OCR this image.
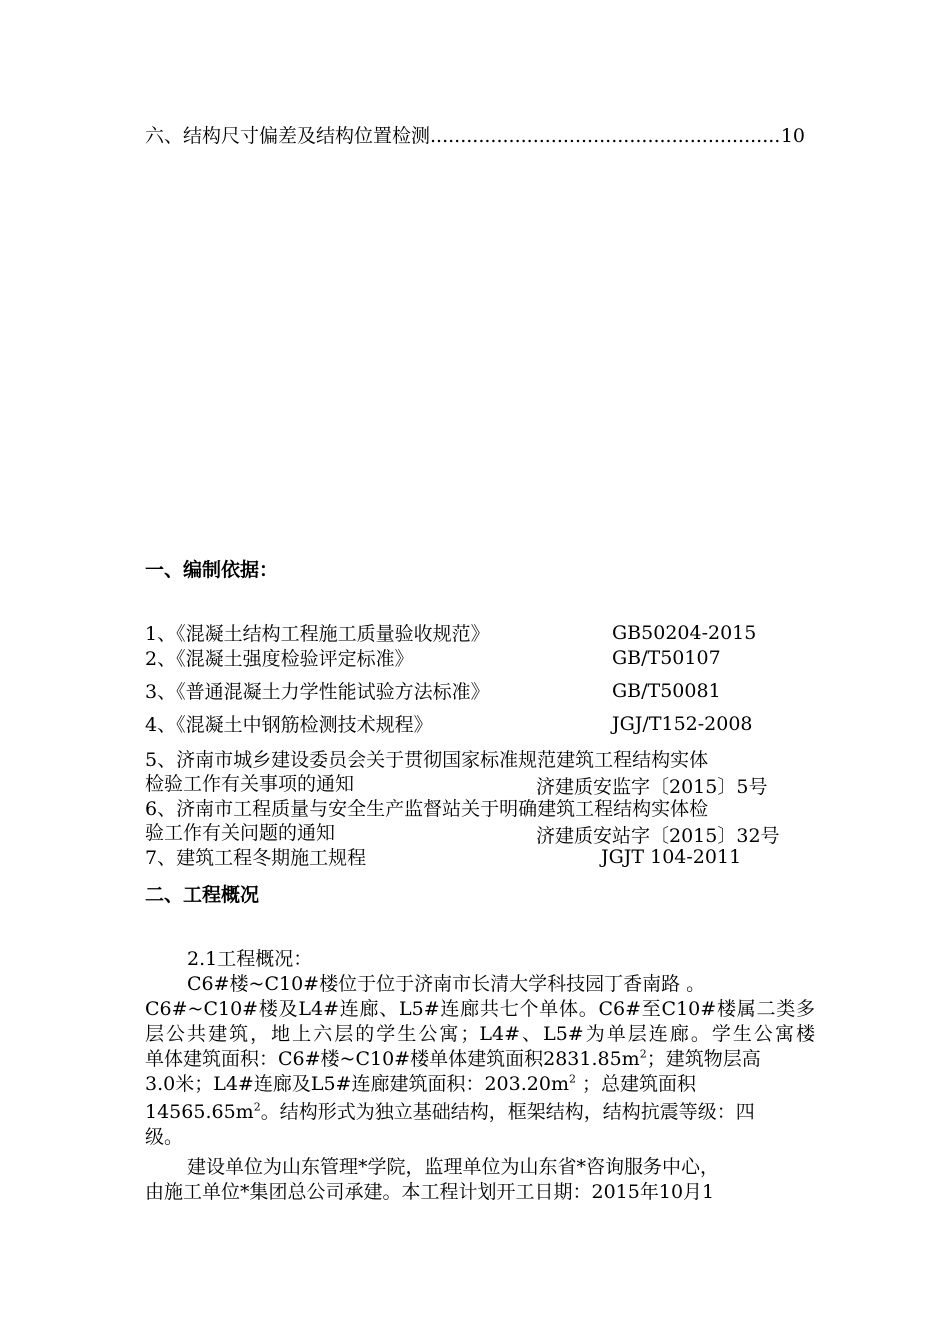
六、结构尺寸偏差及结构位置检测
.....	10
一、编制依据：
1、《混凝土结构工程施工质量验收规范》	GB50204-2015
2、《混凝土强度检验评定标准》	GB/T50107
3、《普通混凝土力学性能试验方法标准》	GB/T50081
4、《混凝土中钢筋检测技术规程》	JGJ/T152-2008
5、济南市城乡建设委员会关于贯彻国家标准规范建筑工程结构实体
检验工作有关事项的通知	济建质安监字〔2015〕5号
6、济南市工程质量与安全生产监督站关于明确建筑工程结构实体检
验工作有关问题的通知	济建质安站字〔2015〕32号
7、建筑工程冬期施工规程	JGJT 104-2011
二、工程概况
2.1工程概况：
C6#楼~C10#楼位于位于济南市长清大学科技园丁香南路 。
C6#~C10#楼及L4#连廊、L5#连廊共七个单体。C6#至C10#楼属二类多
层公共建筑，地上六层的学生公寓；L4#、L5#为单层连廊。学生公寓楼
单体建筑面积：C6#楼~C10#楼单体建筑面积$2831.85m^2$；建筑物层高
3.0米；L4#连廊及L5#连廊建筑面积：$203.20m^2$ ；总建筑面积
$14565.65m^2$。结构形式为独立基础结构，框架结构，结构抗震等级：四
级。
建设单位为山东管理*学院，监理单位为山东省*咨询服务中心，
由施工单位*集团总公司承建。本工程计划开工日期：2015年10月1
